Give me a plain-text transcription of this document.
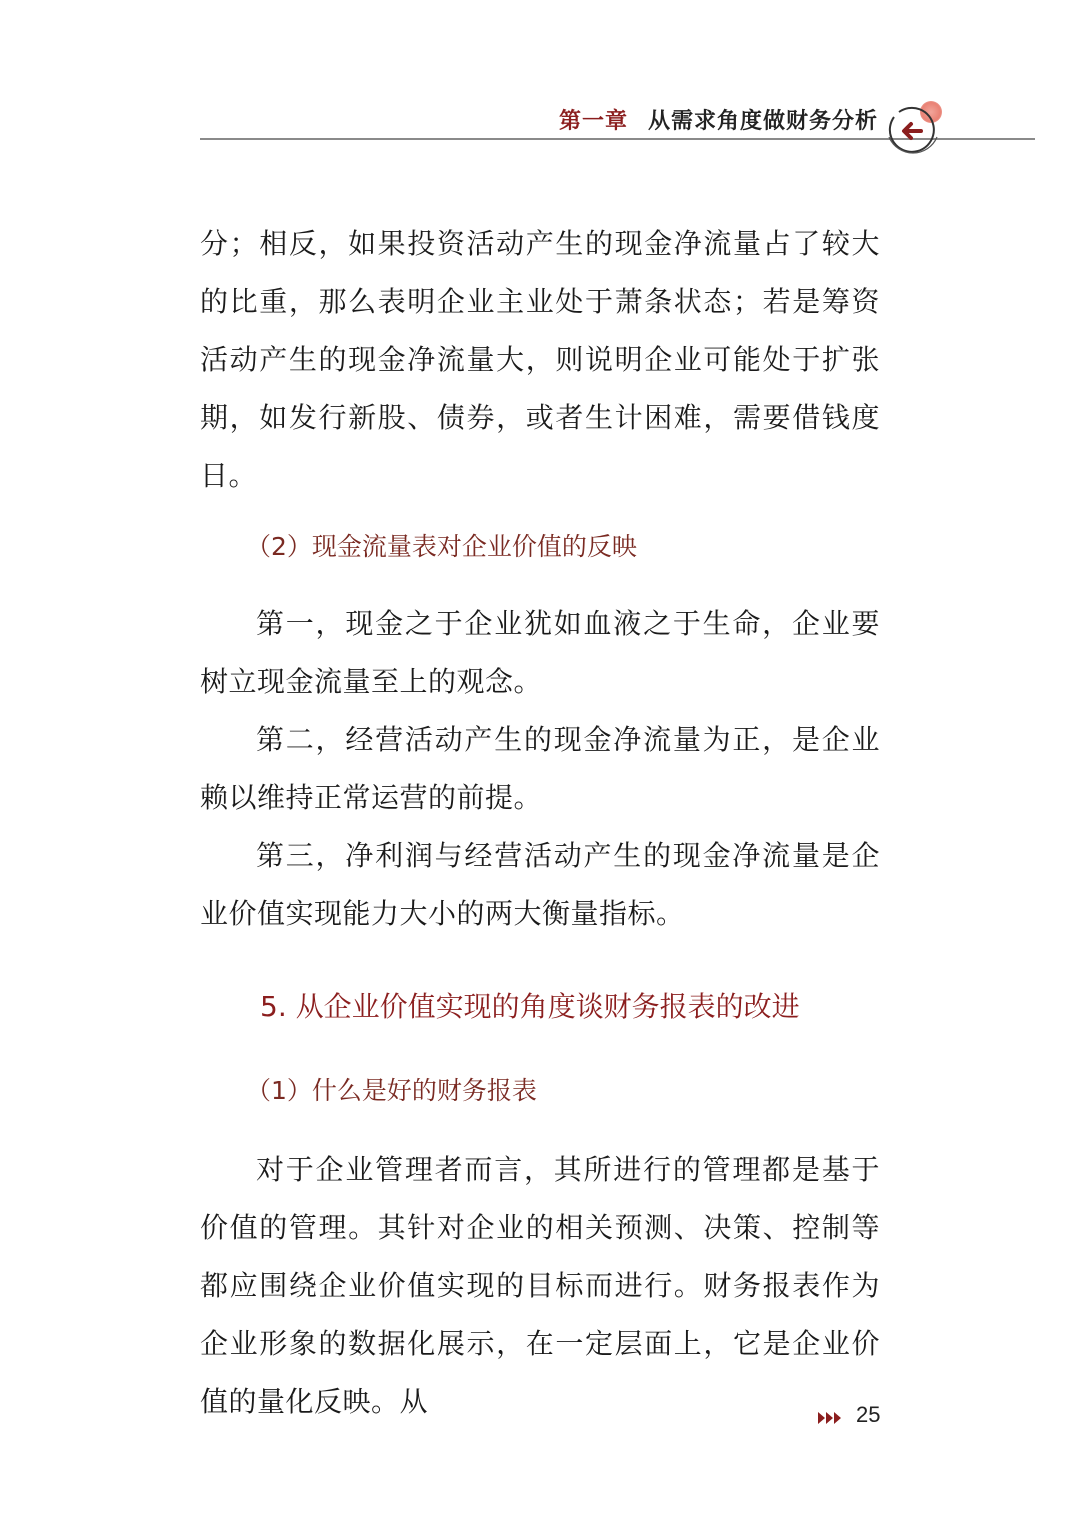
第一章 从需求角度做财务分析

分；相反，如果投资活动产生的现金净流量占了较大的比重，那么表明企业主业处于萧条状态；若是筹资活动产生的现金净流量大，则说明企业可能处于扩张期，如发行新股、债券，或者生计困难，需要借钱度日。

（2）现金流量表对企业价值的反映

第一，现金之于企业犹如血液之于生命，企业要树立现金流量至上的观念。

第二，经营活动产生的现金净流量为正，是企业赖以维持正常运营的前提。

第三，净利润与经营活动产生的现金净流量是企业价值实现能力大小的两大衡量指标。

5. 从企业价值实现的角度谈财务报表的改进

（1）什么是好的财务报表

对于企业管理者而言，其所进行的管理都是基于价值的管理。其针对企业的相关预测、决策、控制等都应围绕企业价值实现的目标而进行。财务报表作为企业形象的数据化展示，在一定层面上，它是企业价值的量化反映。从	25
